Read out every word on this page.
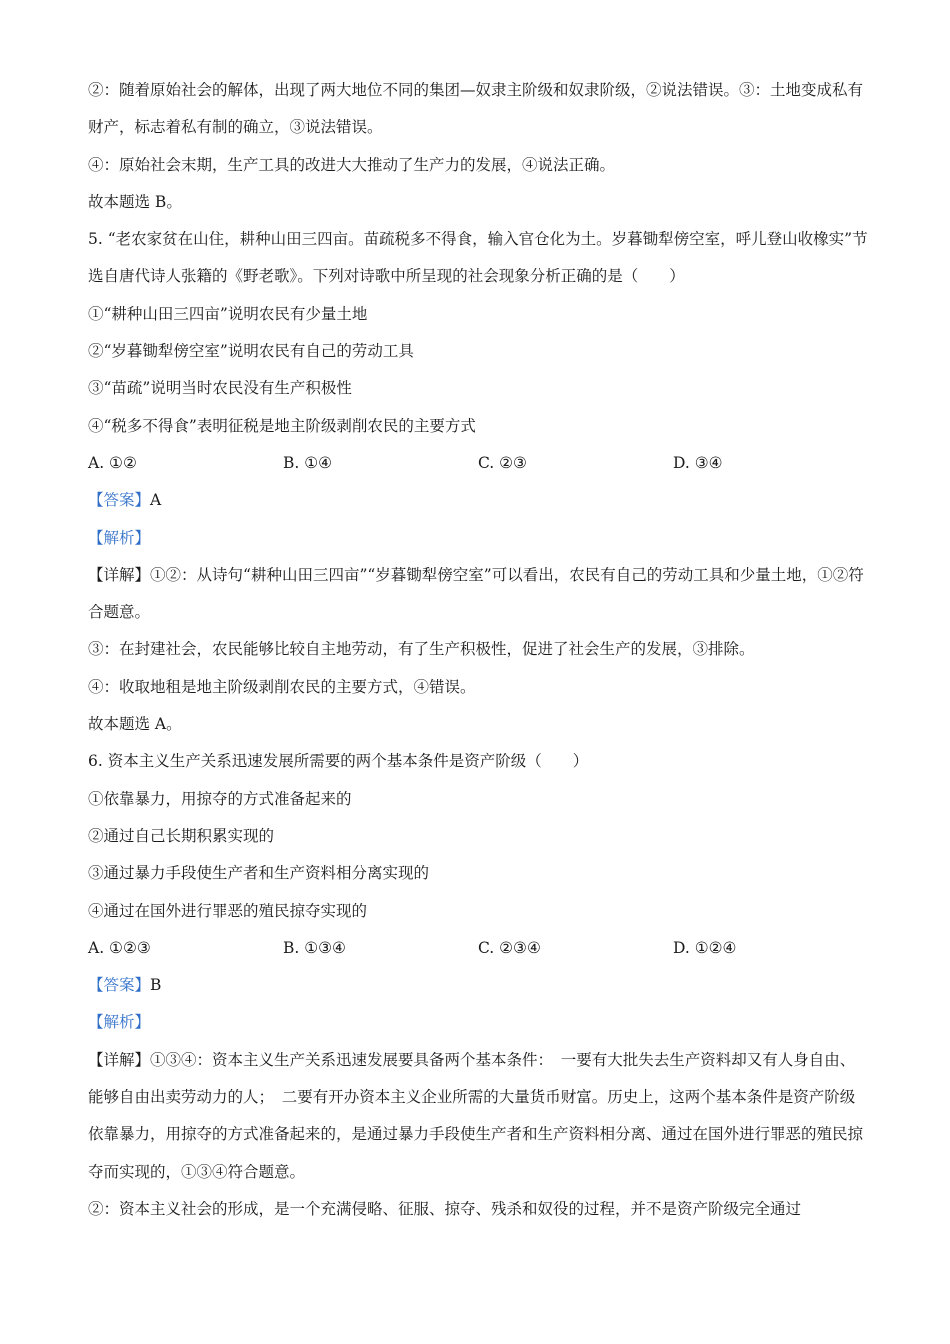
②：随着原始社会的解体，出现了两大地位不同的集团—奴隶主阶级和奴隶阶级，②说法错误。③：土地变成私有财产，标志着私有制的确立，③说法错误。
④：原始社会末期，生产工具的改进大大推动了生产力的发展，④说法正确。
故本题选 B。
5. “老农家贫在山住，耕种山田三四亩。苗疏税多不得食，输入官仓化为土。岁暮锄犁傍空室，呼儿登山收橡实”节选自唐代诗人张籍的《野老歌》。下列对诗歌中所呈现的社会现象分析正确的是（　　）
①“耕种山田三四亩”说明农民有少量土地
②“岁暮锄犁傍空室”说明农民有自己的劳动工具
③“苗疏”说明当时农民没有生产积极性
④“税多不得食”表明征税是地主阶级剥削农民的主要方式
A. ①②	B. ①④	C. ②③	D. ③④
【答案】A
【解析】
【详解】①②：从诗句“耕种山田三四亩”“岁暮锄犁傍空室”可以看出，农民有自己的劳动工具和少量土地，①②符合题意。
③：在封建社会，农民能够比较自主地劳动，有了生产积极性，促进了社会生产的发展，③排除。
④：收取地租是地主阶级剥削农民的主要方式，④错误。
故本题选 A。
6. 资本主义生产关系迅速发展所需要的两个基本条件是资产阶级（　　）
①依靠暴力，用掠夺的方式准备起来的
②通过自己长期积累实现的
③通过暴力手段使生产者和生产资料相分离实现的
④通过在国外进行罪恶的殖民掠夺实现的
A. ①②③	B. ①③④	C. ②③④	D. ①②④
【答案】B
【解析】
【详解】①③④：资本主义生产关系迅速发展要具备两个基本条件：　一要有大批失去生产资料却又有人身自由、能够自由出卖劳动力的人；　二要有开办资本主义企业所需的大量货币财富。历史上，这两个基本条件是资产阶级依靠暴力，用掠夺的方式准备起来的，是通过暴力手段使生产者和生产资料相分离、通过在国外进行罪恶的殖民掠夺而实现的，①③④符合题意。
②：资本主义社会的形成，是一个充满侵略、征服、掠夺、残杀和奴役的过程，并不是资产阶级完全通过
